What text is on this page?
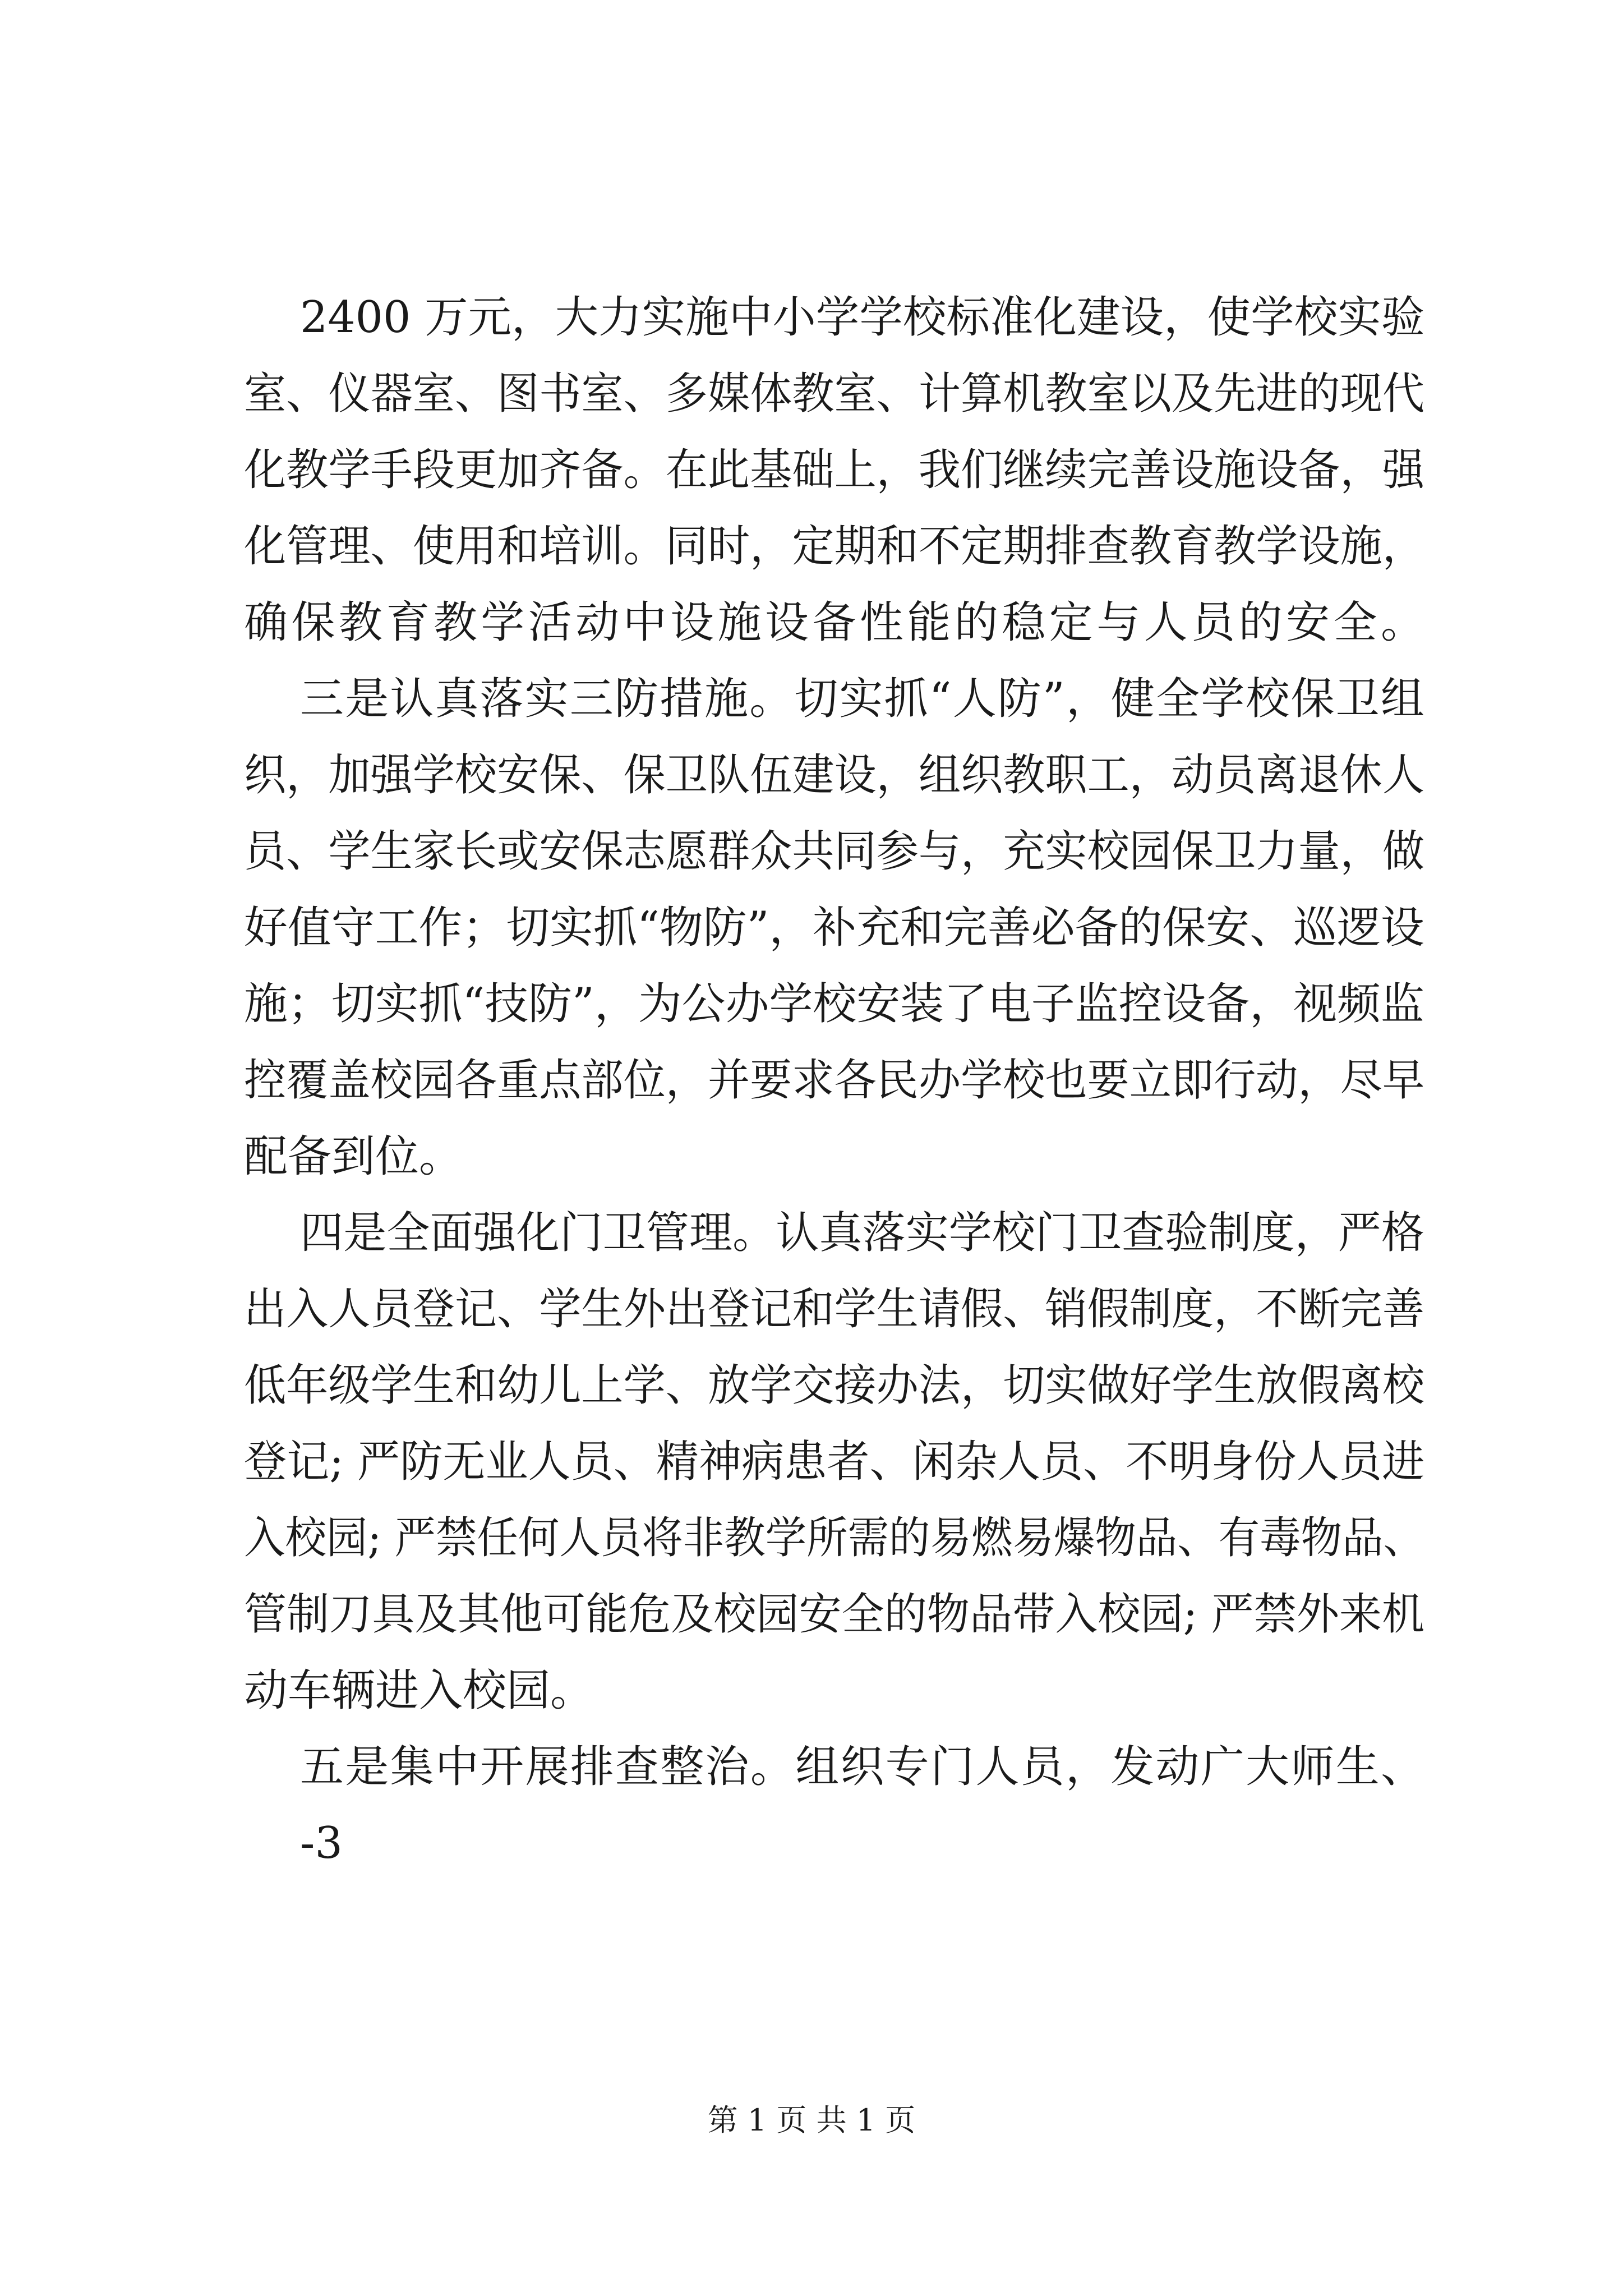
2400 万元，大力实施中小学学校标准化建设，使学校实验
室、仪器室、图书室、多媒体教室、计算机教室以及先进的现代
化教学手段更加齐备。在此基础上，我们继续完善设施设备，强
化管理、使用和培训。同时，定期和不定期排查教育教学设施，
确保教育教学活动中设施设备性能的稳定与人员的安全。
三是认真落实三防措施。切实抓“人防”，健全学校保卫组
织，加强学校安保、保卫队伍建设，组织教职工，动员离退休人
员、学生家长或安保志愿群众共同参与，充实校园保卫力量，做
好值守工作；切实抓“物防”，补充和完善必备的保安、巡逻设
施；切实抓“技防”，为公办学校安装了电子监控设备，视频监
控覆盖校园各重点部位，并要求各民办学校也要立即行动，尽早
配备到位。
四是全面强化门卫管理。认真落实学校门卫查验制度，严格
出入人员登记、学生外出登记和学生请假、销假制度，不断完善
低年级学生和幼儿上学、放学交接办法，切实做好学生放假离校
登记; 严防无业人员、精神病患者、闲杂人员、不明身份人员进
入校园; 严禁任何人员将非教学所需的易燃易爆物品、有毒物品、
管制刀具及其他可能危及校园安全的物品带入校园; 严禁外来机
动车辆进入校园。
五是集中开展排查整治。组织专门人员，发动广大师生、
-3
第 1 页 共 1 页
